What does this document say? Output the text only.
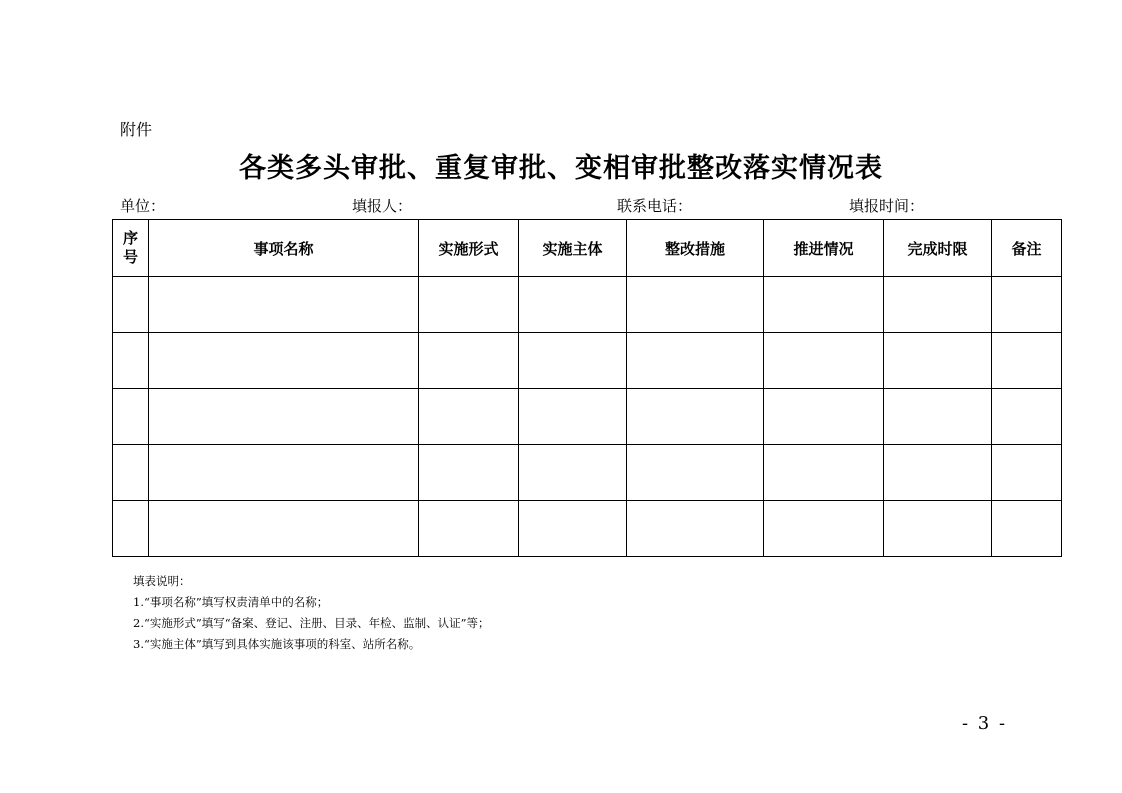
附件
各类多头审批、重复审批、变相审批整改落实情况表
单位：	填报人：	联系电话：	填报时间：
序号	事项名称	实施形式	实施主体	整改措施	推进情况	完成时限	备注

填表说明：
1.“事项名称”填写权责清单中的名称；
2.“实施形式”填写“备案、登记、注册、目录、年检、监制、认证”等；
3.“实施主体”填写到具体实施该事项的科室、站所名称。
- 3 -
